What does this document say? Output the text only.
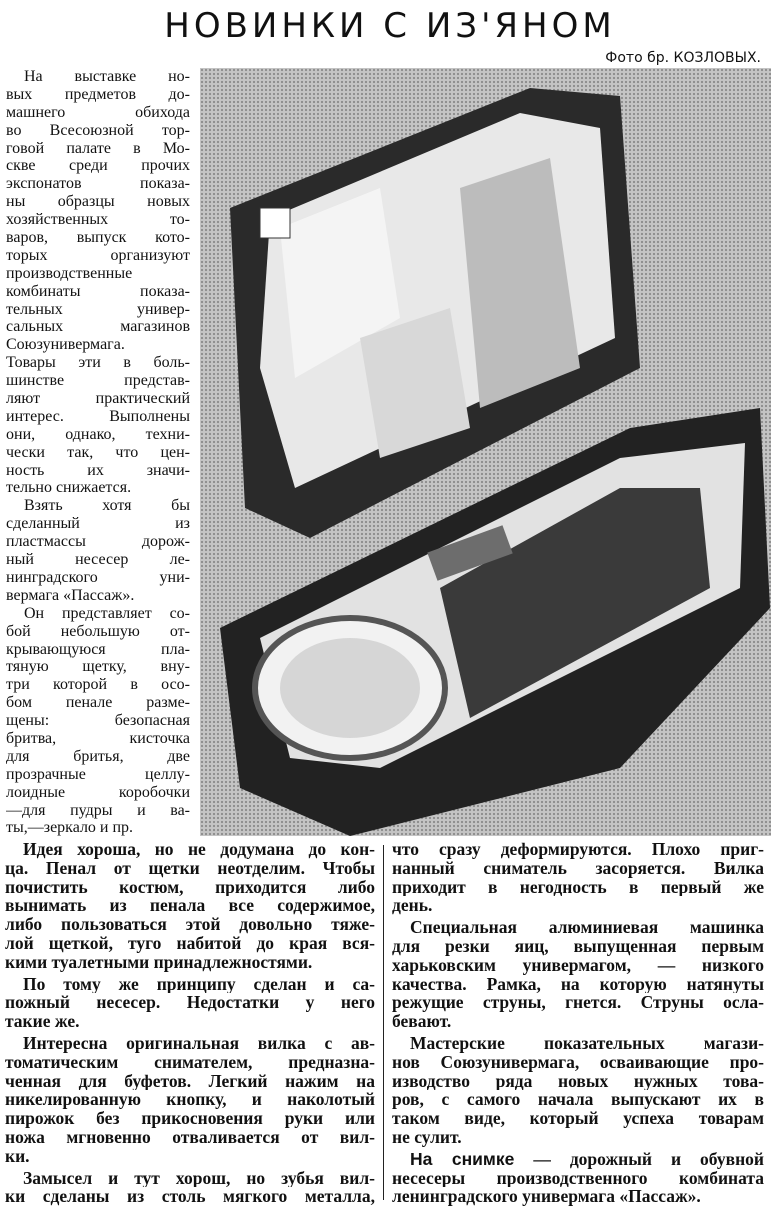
НОВИНКИ С ИЗ'ЯНОМ
Фото бр. КОЗЛОВЫХ.
На выставке но-
вых предметов до-
машнего обихода
во Всесоюзной тор-
говой палате в Мо-
скве среди прочих
экспонатов показа-
ны образцы новых
хозяйственных то-
варов, выпуск кото-
торых организуют
производственные
комбинаты показа-
тельных универ-
сальных магазинов
Союзунивермага.
Товары эти в боль-
шинстве представ-
ляют практический
интерес. Выполнены
они, однако, техни-
чески так, что цен-
ность их значи-
тельно снижается.
Взять хотя бы
сделанный из
пластмассы дорож-
ный несесер ле-
нинградского уни-
вермага «Пассаж».
Он представляет со-
бой небольшую от-
крывающуюся пла-
тяную щетку, вну-
три которой в осо-
бом пенале разме-
щены: безопасная
бритва, кисточка
для бритья, две
прозрачные целлу-
лоидные коробочки
—для пудры и ва-
ты,—зеркало и пр.
Идея хороша, но не додумана до кон-
ца. Пенал от щетки неотделим. Чтобы
почистить костюм, приходится либо
вынимать из пенала все содержимое,
либо пользоваться этой довольно тяже-
лой щеткой, туго набитой до края вся-
кими туалетными принадлежностями.
По тому же принципу сделан и са-
пожный несесер. Недостатки у него
такие же.
Интересна оригинальная вилка с ав-
томатическим снимателем, предназна-
ченная для буфетов. Легкий нажим на
никелированную кнопку, и наколотый
пирожок без прикосновения руки или
ножа мгновенно отваливается от вил-
ки.
Замысел и тут хорош, но зубья вил-
ки сделаны из столь мягкого металла,
что сразу деформируются. Плохо приг-
нанный сниматель засоряется. Вилка
приходит в негодность в первый же
день.
Специальная алюминиевая машинка
для резки яиц, выпущенная первым
харьковским универмагом, — низкого
качества. Рамка, на которую натянуты
режущие струны, гнется. Струны осла-
бевают.
Мастерские показательных магази-
нов Союзунивермага, осваивающие про-
изводство ряда новых нужных това-
ров, с самого начала выпускают их в
таком виде, который успеха товарам
не сулит.
На снимке — дорожный и обувной
несесеры производственного комбината
ленинградского универмага «Пассаж».
